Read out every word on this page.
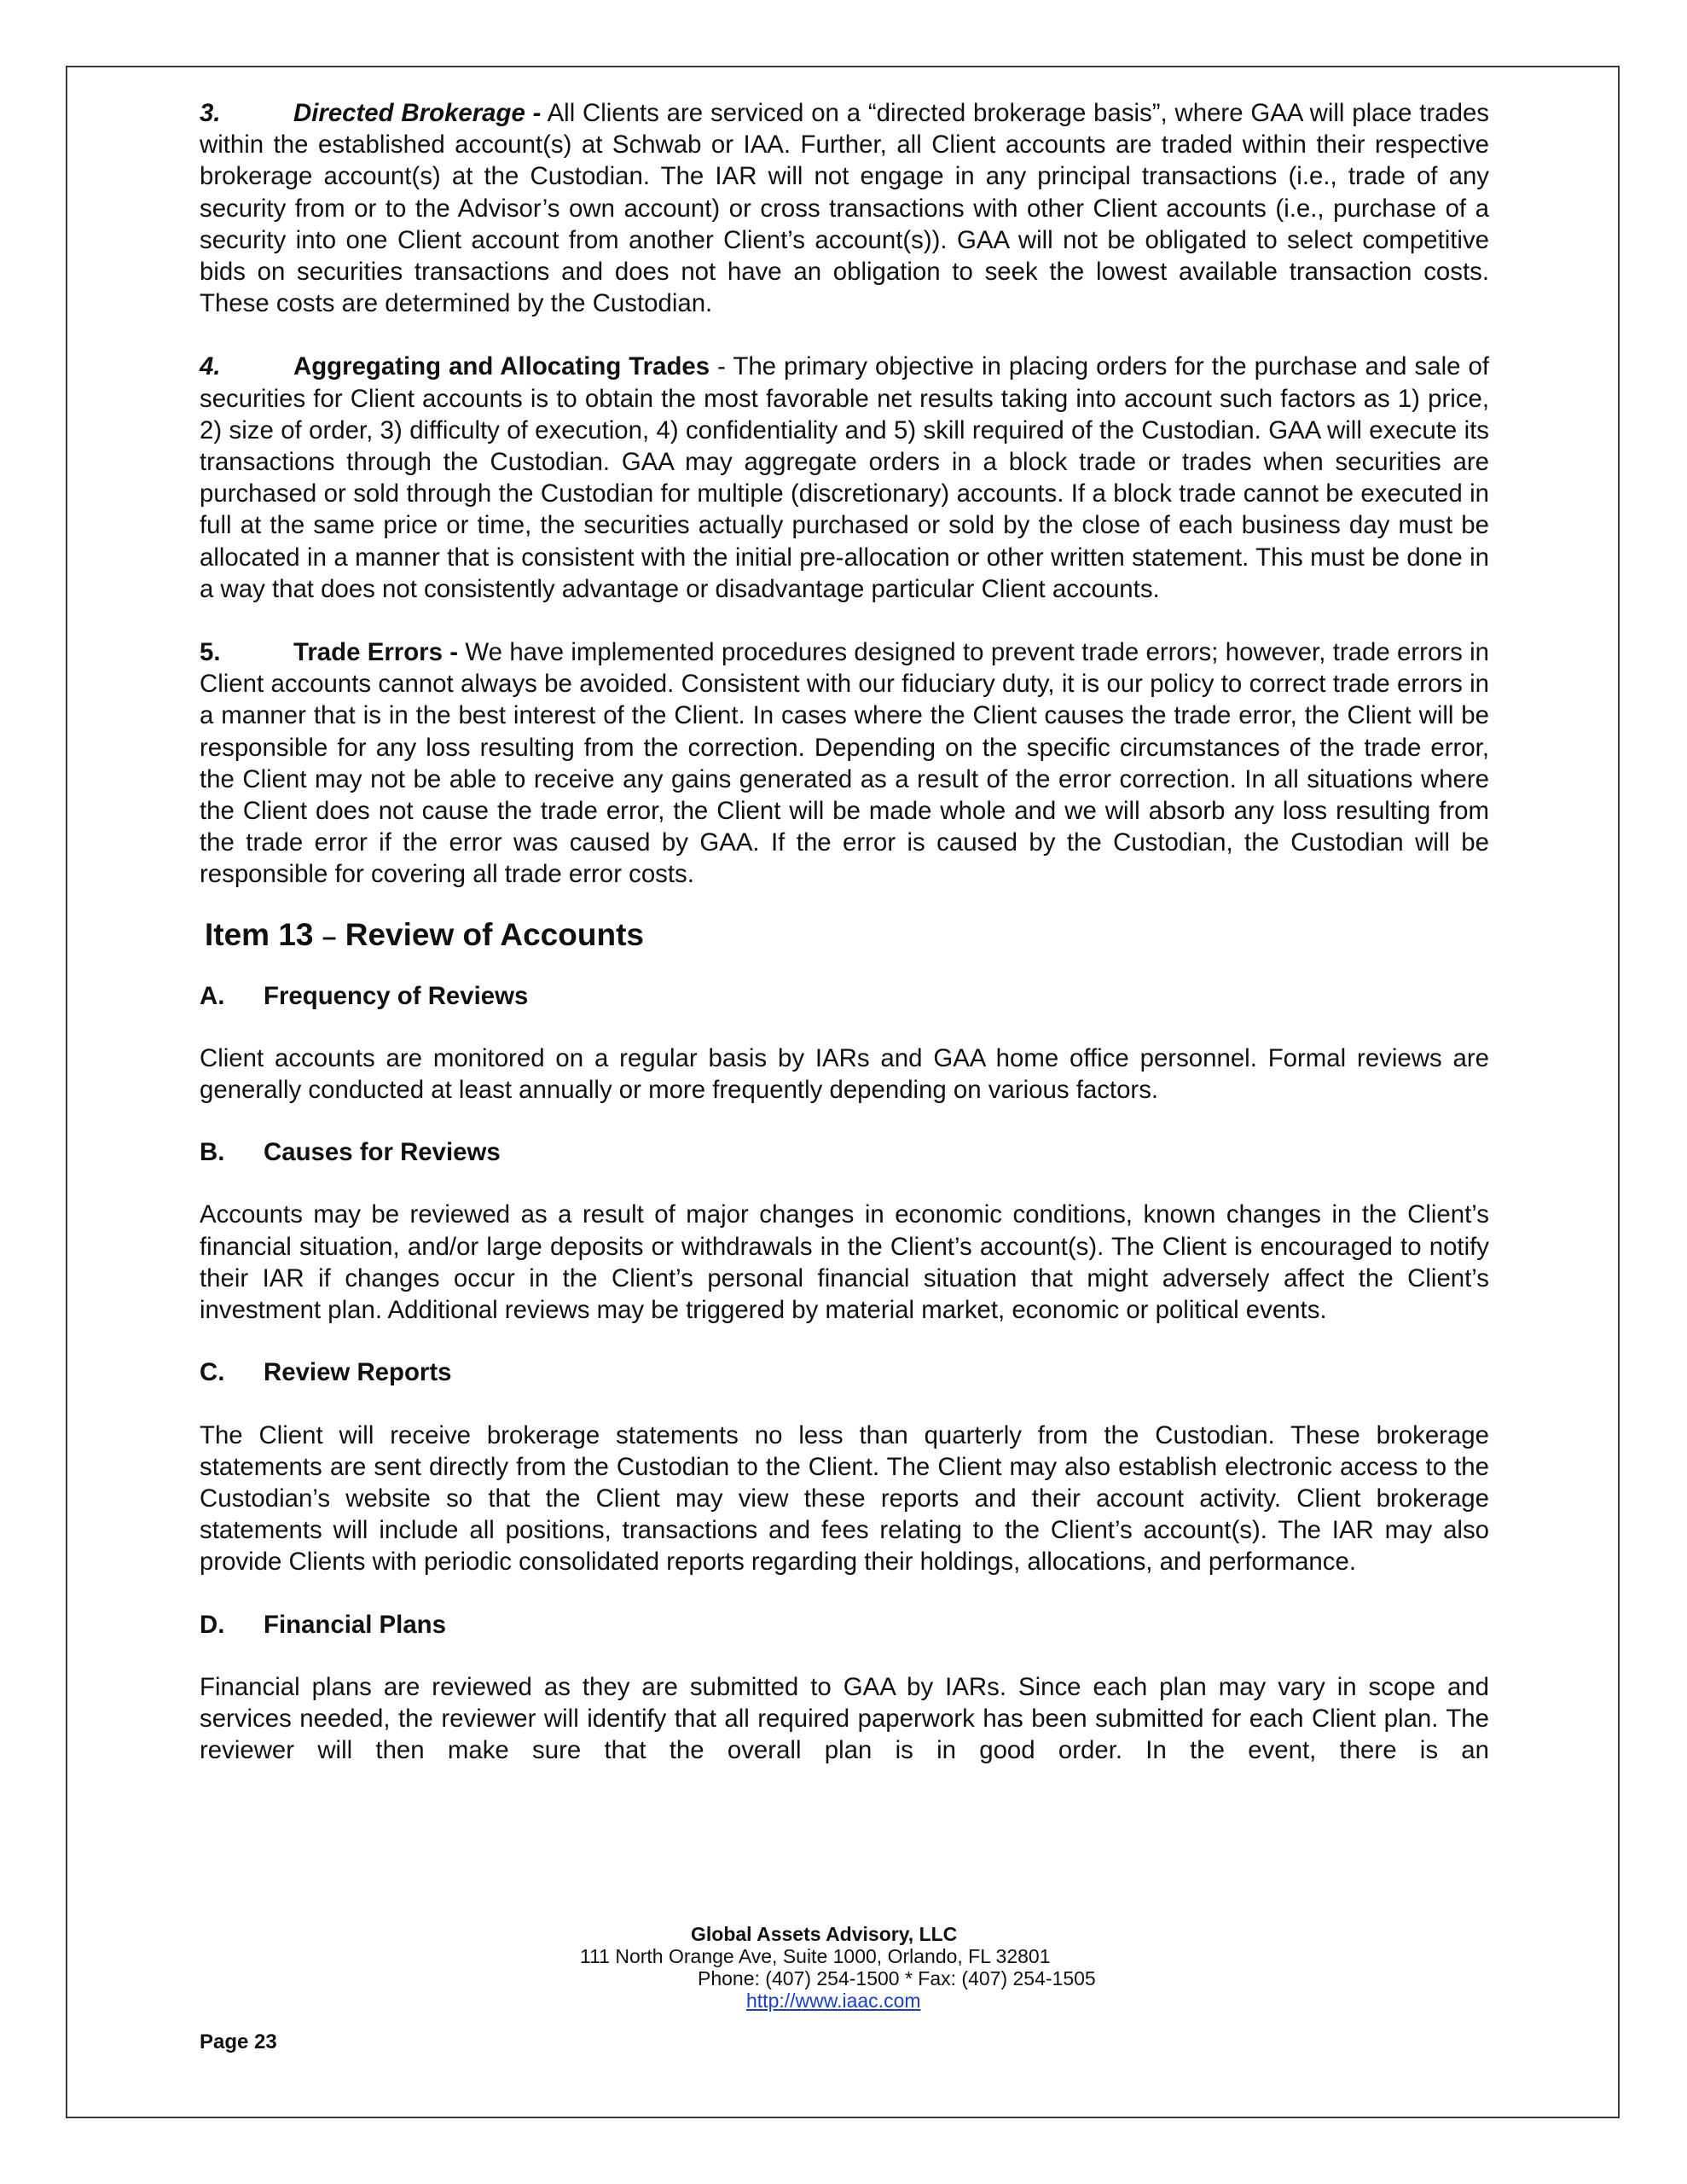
3.	Directed Brokerage - All Clients are serviced on a “directed brokerage basis”, where GAA will place trades within the established account(s) at Schwab or IAA. Further, all Client accounts are traded within their respective brokerage account(s) at the Custodian. The IAR will not engage in any principal transactions (i.e., trade of any security from or to the Advisor’s own account) or cross transactions with other Client accounts (i.e., purchase of a security into one Client account from another Client’s account(s)). GAA will not be obligated to select competitive bids on securities transactions and does not have an obligation to seek the lowest available transaction costs. These costs are determined by the Custodian.

4.	Aggregating and Allocating Trades - The primary objective in placing orders for the purchase and sale of securities for Client accounts is to obtain the most favorable net results taking into account such factors as 1) price, 2) size of order, 3) difficulty of execution, 4) confidentiality and 5) skill required of the Custodian. GAA will execute its transactions through the Custodian. GAA may aggregate orders in a block trade or trades when securities are purchased or sold through the Custodian for multiple (discretionary) accounts. If a block trade cannot be executed in full at the same price or time, the securities actually purchased or sold by the close of each business day must be allocated in a manner that is consistent with the initial pre-allocation or other written statement. This must be done in a way that does not consistently advantage or disadvantage particular Client accounts.

5.	Trade Errors - We have implemented procedures designed to prevent trade errors; however, trade errors in Client accounts cannot always be avoided. Consistent with our fiduciary duty, it is our policy to correct trade errors in a manner that is in the best interest of the Client. In cases where the Client causes the trade error, the Client will be responsible for any loss resulting from the correction. Depending on the specific circumstances of the trade error, the Client may not be able to receive any gains generated as a result of the error correction. In all situations where the Client does not cause the trade error, the Client will be made whole and we will absorb any loss resulting from the trade error if the error was caused by GAA. If the error is caused by the Custodian, the Custodian will be responsible for covering all trade error costs.

Item 13 – Review of Accounts

A. Frequency of Reviews

Client accounts are monitored on a regular basis by IARs and GAA home office personnel. Formal reviews are generally conducted at least annually or more frequently depending on various factors.

B. Causes for Reviews

Accounts may be reviewed as a result of major changes in economic conditions, known changes in the Client’s financial situation, and/or large deposits or withdrawals in the Client’s account(s). The Client is encouraged to notify their IAR if changes occur in the Client’s personal financial situation that might adversely affect the Client’s investment plan. Additional reviews may be triggered by material market, economic or political events.

C. Review Reports

The Client will receive brokerage statements no less than quarterly from the Custodian. These brokerage statements are sent directly from the Custodian to the Client. The Client may also establish electronic access to the Custodian’s website so that the Client may view these reports and their account activity. Client brokerage statements will include all positions, transactions and fees relating to the Client’s account(s). The IAR may also provide Clients with periodic consolidated reports regarding their holdings, allocations, and performance.

D. Financial Plans

Financial plans are reviewed as they are submitted to GAA by IARs. Since each plan may vary in scope and services needed, the reviewer will identify that all required paperwork has been submitted for each Client plan. The reviewer will then make sure that the overall plan is in good order. In the event, there is an

Global Assets Advisory, LLC
111 North Orange Ave, Suite 1000, Orlando, FL 32801
Phone: (407) 254-1500 * Fax: (407) 254-1505
http://www.iaac.com
Page 23
